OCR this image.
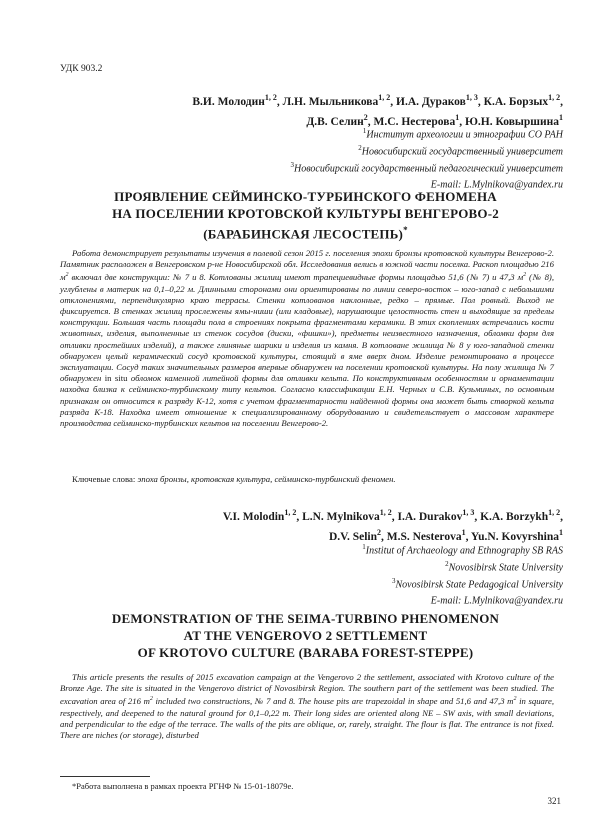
УДК 903.2
В.И. Молодин$^{1, 2}$, Л.Н. Мыльникова$^{1, 2}$, И.А. Дураков$^{1, 3}$, К.А. Борзых$^{1, 2}$,
Д.В. Селин$^2$, М.С. Нестерова$^1$, Ю.Н. Ковыршина$^1$
$^1$Институт археологии и этнографии СО РАН
$^2$Новосибирский государственный университет
$^3$Новосибирский государственный педагогический университет
E-mail: L.Mylnikova@yandex.ru
ПРОЯВЛЕНИЕ СЕЙМИНСКО-ТУРБИНСКОГО ФЕНОМЕНА
НА ПОСЕЛЕНИИ КРОТОВСКОЙ КУЛЬТУРЫ ВЕНГЕРОВО-2
(БАРАБИНСКАЯ ЛЕСОСТЕПЬ)*
Работа демонстрирует результаты изучения в полевой сезон 2015 г. поселения эпохи бронзы кротовской культуры Венгерово-2. Памятник расположен в Венгеровском р-не Новосибирской обл. Исследования велись в южной части поселка. Раскоп площадью 216 $м^2$ включал две конструкции: № 7 и 8. Котлованы жилищ имеют трапециевидные формы площадью 51,6 (№ 7) и 47,3 $м^2$ (№ 8), углублены в материк на 0,1–0,22 м. Длинными сторонами они ориентированы по линии северо-восток – юго-запад с небольшими отклонениями, перпендикулярно краю террасы. Стенки котлованов наклонные, редко – прямые. Пол ровный. Выход не фиксируется. В стенках жилищ прослежены ямы-ниши (или кладовые), нарушающие целостность стен и выходящие за пределы конструкции. Большая часть площади пола в строениях покрыта фрагментами керамики. В этих скоплениях встречались кости животных, изделия, выполненные из стенок сосудов (диски, «фишки»), предметы неизвестного назначения, обломки форм для отливки простейших изделий), а также глиняные шарики и изделия из камня. В котловане жилища № 8 у юго-западной стенки обнаружен целый керамический сосуд кротовской культуры, стоящий в яме вверх дном. Изделие ремонтировано в процессе эксплуатации. Сосуд таких значительных размеров впервые обнаружен на поселении кротовской культуры. На полу жилища № 7 обнаружен in situ обломок каменной литейной формы для отливки кельта. По конструктивным особенностям и орнаментации находка близка к сейминско-турбинскому типу кельтов. Согласно классификации Е.Н. Черных и С.В. Кузьминых, по основным признакам он относится к разряду К-12, хотя с учетом фрагментарности найденной формы она может быть створкой кельта разряда К-18. Находка имеет отношение к специализированному оборудованию и свидетельствует о массовом характере производства сейминско-турбинских кельтов на поселении Венгерово-2.
Ключевые слова: эпоха бронзы, кротовская культура, сейминско-турбинский феномен.
V.I. Molodin$^{1, 2}$, L.N. Mylnikova$^{1, 2}$, I.A. Durakov$^{1, 3}$, K.A. Borzykh$^{1, 2}$,
D.V. Selin$^2$, M.S. Nesterova$^1$, Yu.N. Kovyrshina$^1$
$^1$Institut of Archaeology and Ethnography SB RAS
$^2$Novosibirsk State University
$^3$Novosibirsk State Pedagogical University
E-mail: L.Mylnikova@yandex.ru
DEMONSTRATION OF THE SEIMA-TURBINO PHENOMENON
AT THE VENGEROVO 2 SETTLEMENT
OF KROTOVO CULTURE (BARABA FOREST-STEPPE)
This article presents the results of 2015 excavation campaign at the Vengerovo 2 the settlement, associated with Krotovo culture of the Bronze Age. The site is situated in the Vengerovo district of Novosibirsk Region. The southern part of the settlement was been studied. The excavation area of 216 $m^2$ included two constructions, № 7 and 8. The house pits are trapezoidal in shape and 51,6 and 47,3 $m^2$ in square, respectively, and deepened to the natural ground for 0,1–0,22 m. Their long sides are oriented along NE – SW axis, with small deviations, and perpendicular to the edge of the terrace. The walls of the pits are oblique, or, rarely, straight. The flour is flat. The entrance is not fixed. There are niches (or storage), disturbed
*Работа выполнена в рамках проекта РГНФ № 15-01-18079е.
321
